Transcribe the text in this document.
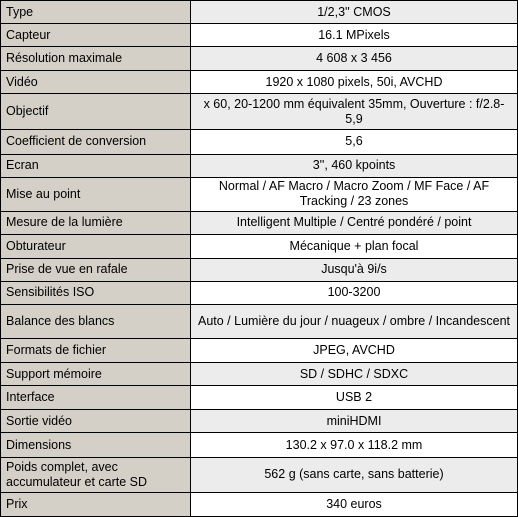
Type	1/2,3'' CMOS
Capteur	16.1 MPixels
Résolution maximale	4 608 x 3 456
Vidéo	1920 x 1080 pixels, 50i, AVCHD
Objectif	x 60, 20-1200 mm équivalent 35mm, Ouverture : f/2.8-5,9
Coefficient de conversion	5,6
Ecran	3'', 460 kpoints
Mise au point	Normal / AF Macro / Macro Zoom / MF Face / AF Tracking / 23 zones
Mesure de la lumière	Intelligent Multiple / Centré pondéré / point
Obturateur	Mécanique + plan focal
Prise de vue en rafale	Jusqu'à 9i/s
Sensibilités ISO	100-3200
Balance des blancs	Auto / Lumière du jour / nuageux / ombre / Incandescent
Formats de fichier	JPEG, AVCHD
Support mémoire	SD / SDHC / SDXC
Interface	USB 2
Sortie vidéo	miniHDMI
Dimensions	130.2 x 97.0 x 118.2 mm
Poids complet, avec accumulateur et carte SD	562 g (sans carte, sans batterie)
Prix	340 euros
